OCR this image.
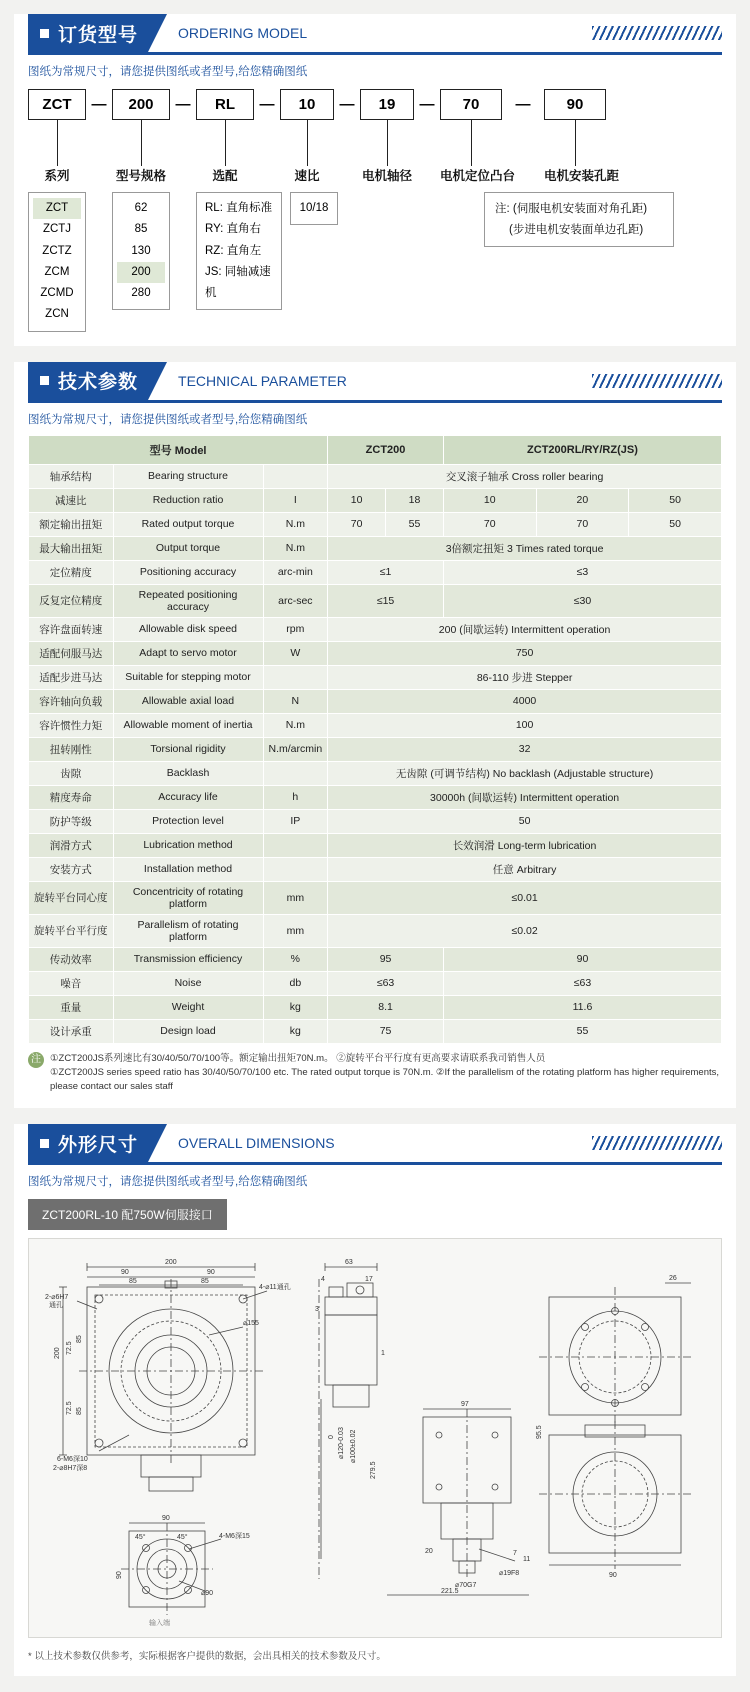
订货型号	ORDERING MODEL
图纸为常规尺寸，请您提供图纸或者型号,给您精确图纸
ZCT	—	200	—	RL	—	10	—	19	—	70	—	90
系列	型号规格	选配	速比	电机轴径 电机定位凸台 电机安装孔距
ZCT
ZCTJ
ZCTZ
ZCM
ZCMD
ZCN
62
85
130
200
280
RL: 直角标准
RY: 直角右
RZ: 直角左
JS: 同轴减速机
10/18	注: (伺服电机安装面对角孔距)
(步进电机安装面单边孔距)
技术参数	TECHNICAL PARAMETER
图纸为常规尺寸，请您提供图纸或者型号,给您精确图纸
型号 Model			ZCT200		ZCT200RL/RY/RZ(JS)		
轴承结构	Bearing structure		交叉滚子轴承 Cross roller bearing				
减速比	Reduction ratio	I	10	18	10	20	50
额定输出扭矩	Rated output torque	N.m	70	55	70	70	50
最大输出扭矩	Output torque	N.m	3倍额定扭矩 3 Times rated torque				
定位精度	Positioning accuracy	arc-min	≤1		≤3		
反复定位精度	Repeated positioning accuracy	arc-sec	≤15		≤30		
容许盘面转速	Allowable disk speed	rpm	200 (间歇运转) Intermittent operation				
适配伺服马达	Adapt to servo motor	W	750				
适配步进马达	Suitable for stepping motor		86-110 步进 Stepper				
容许轴向负载	Allowable axial load	N	4000				
容许惯性力矩	Allowable moment of inertia	N.m	100				
扭转刚性	Torsional rigidity	N.m/arcmin	32				
齿隙	Backlash		无齿隙 (可调节结构) No backlash (Adjustable structure)				
精度寿命	Accuracy life	h	30000h (间歇运转) Intermittent operation				
防护等级	Protection level	IP	50				
润滑方式	Lubrication method		长效润滑 Long-term lubrication				
安装方式	Installation method		任意 Arbitrary				
旋转平台同心度	Concentricity of rotating platform	mm	≤0.01				
旋转平台平行度	Parallelism of rotating platform	mm	≤0.02				
传动效率	Transmission efficiency	%	95		90		
噪音	Noise	db	≤63		≤63		
重量	Weight	kg	8.1		11.6		
设计承重	Design load	kg	75		55		
注 ①ZCT200JS系列速比有30/40/50/70/100等。额定输出扭矩70N.m。 ②旋转平台平行度有更高要求请联系我司销售人员
①ZCT200JS series speed ratio has 30/40/50/70/100 etc. The rated output torque is 70N.m. ②If the parallelism of the rotating platform has higher requirements, please contact our sales staff
外形尺寸	OVERALL DIMENSIONS
图纸为常规尺寸，请您提供图纸或者型号,给您精确图纸
ZCT200RL-10 配750W伺服接口
200
90	90
85	85
2-⌀6H7
通孔
4-⌀11通孔
⌀155
200 72.5
85
72.5 85
6-M6深10
2-⌀8H7深8
90
45°	45°	4-M6深15
90
⌀90
输入端
63
4	17
3
1
0 ⌀120-0.03 ⌀100±0.02
279.5
97
20	7
11
⌀19F8
⌀70G7
221.5
26
95.5
90
* 以上技术参数仅供参考，实际根据客户提供的数据，会出具相关的技术参数及尺寸。
